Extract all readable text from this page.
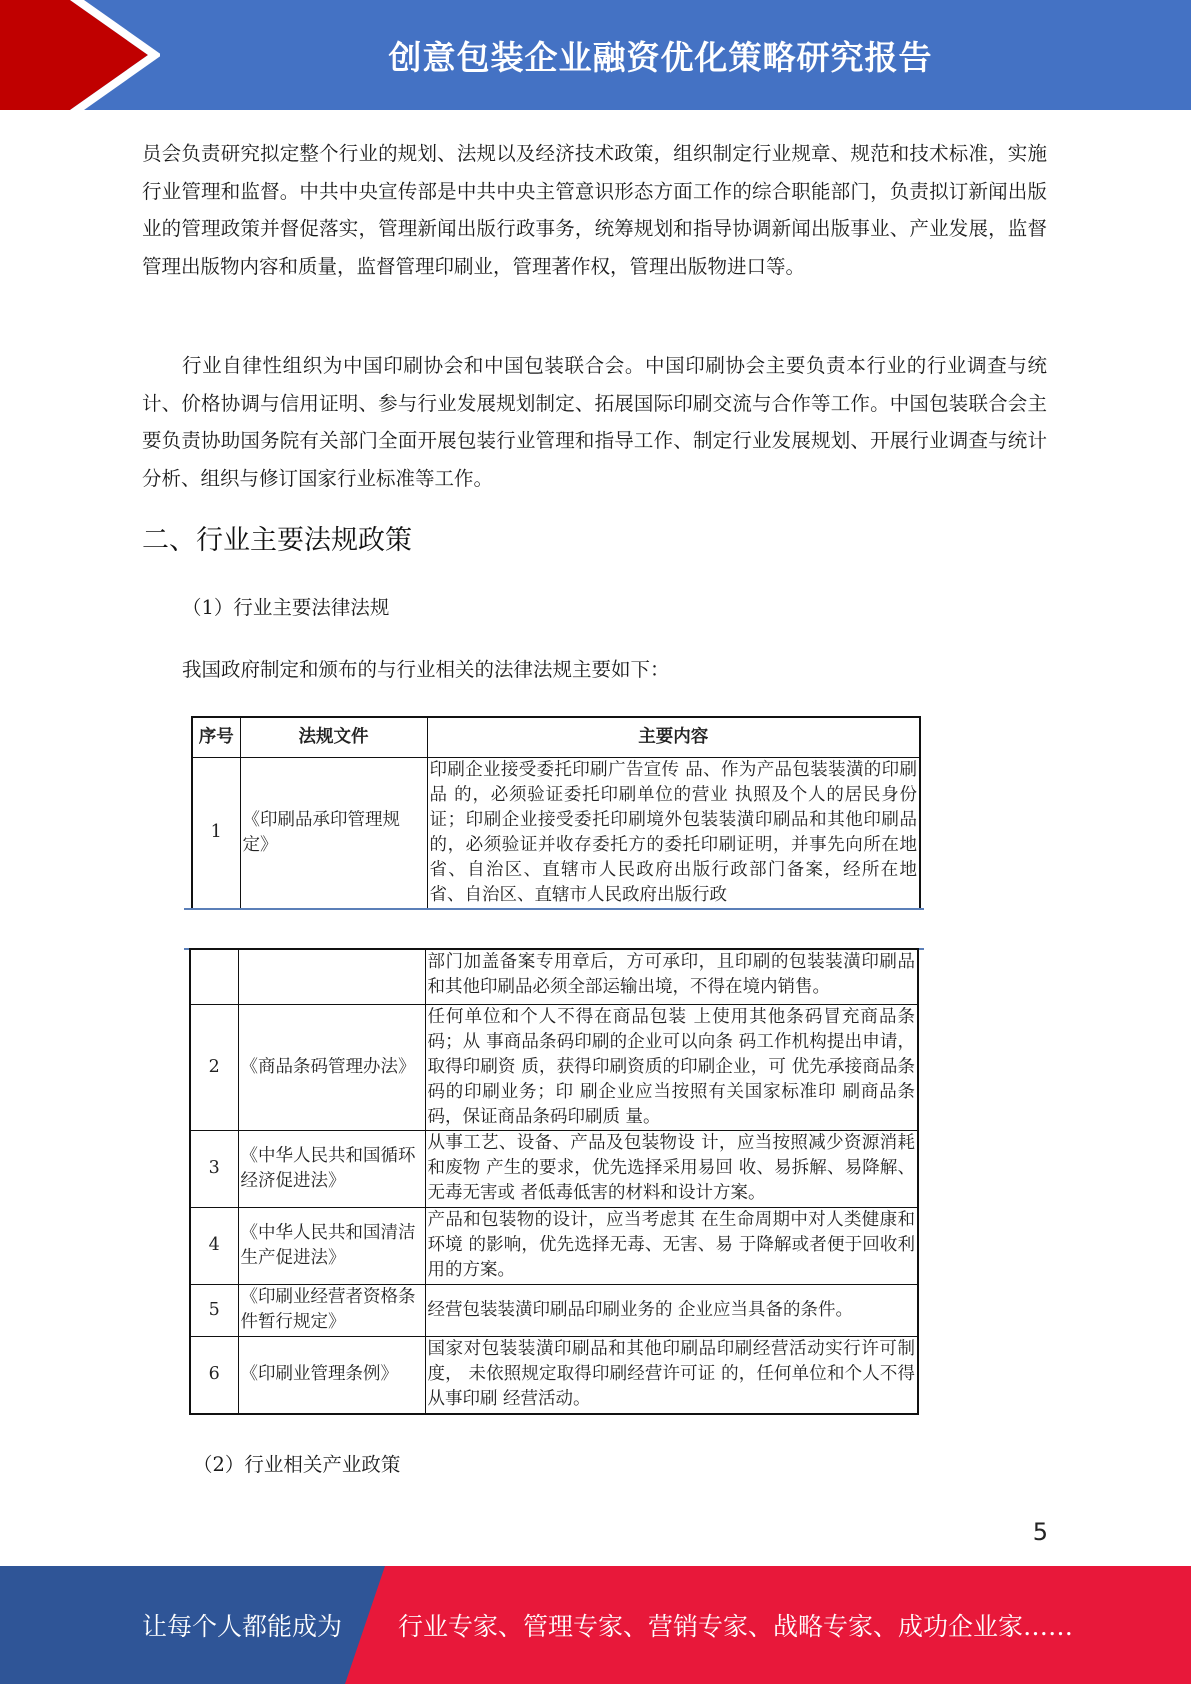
创意包装企业融资优化策略研究报告

员会负责研究拟定整个行业的规划、法规以及经济技术政策，组织制定行业规章、规范和技术标准，实施行业管理和监督。中共中央宣传部是中共中央主管意识形态方面工作的综合职能部门，负责拟订新闻出版业的管理政策并督促落实，管理新闻出版行政事务，统筹规划和指导协调新闻出版事业、产业发展，监督管理出版物内容和质量，监督管理印刷业，管理著作权，管理出版物进口等。

行业自律性组织为中国印刷协会和中国包装联合会。中国印刷协会主要负责本行业的行业调查与统计、价格协调与信用证明、参与行业发展规划制定、拓展国际印刷交流与合作等工作。中国包装联合会主要负责协助国务院有关部门全面开展包装行业管理和指导工作、制定行业发展规划、开展行业调查与统计分析、组织与修订国家行业标准等工作。

二、行业主要法规政策

（1）行业主要法律法规

我国政府制定和颁布的与行业相关的法律法规主要如下：

序号	法规文件	主要内容
1	《印刷品承印管理规定》	印刷企业接受委托印刷广告宣传 品、作为产品包装装潢的印刷品 的，必须验证委托印刷单位的营业 执照及个人的居民身份证；印刷企业接受委托印刷境外包装装潢印刷品和其他印刷品的，必须验证并收存委托方的委托印刷证明，并事先向所在地省、自治区、直辖市人民政府出版行政部门备案，经所在地省、自治区、直辖市人民政府出版行政
		部门加盖备案专用章后，方可承印，且印刷的包装装潢印刷品和其他印刷品必须全部运输出境，不得在境内销售。
2	《商品条码管理办法》	任何单位和个人不得在商品包装 上使用其他条码冒充商品条码；从 事商品条码印刷的企业可以向条 码工作机构提出申请，取得印刷资 质，获得印刷资质的印刷企业，可 优先承接商品条码的印刷业务；印 刷企业应当按照有关国家标准印 刷商品条码，保证商品条码印刷质 量。
3	《中华人民共和国循环经济促进法》	从事工艺、设备、产品及包装物设 计，应当按照减少资源消耗和废物 产生的要求，优先选择采用易回 收、易拆解、易降解、无毒无害或 者低毒低害的材料和设计方案。
4	《中华人民共和国清洁生产促进法》	产品和包装物的设计，应当考虑其 在生命周期中对人类健康和环境 的影响，优先选择无毒、无害、易 于降解或者便于回收利用的方案。
5	《印刷业经营者资格条件暂行规定》	经营包装装潢印刷品印刷业务的 企业应当具备的条件。
6	《印刷业管理条例》	国家对包装装潢印刷品和其他印刷品印刷经营活动实行许可制度， 未依照规定取得印刷经营许可证 的，任何单位和个人不得从事印刷 经营活动。

（2）行业相关产业政策

5
让每个人都能成为 行业专家、管理专家、营销专家、战略专家、成功企业家……
